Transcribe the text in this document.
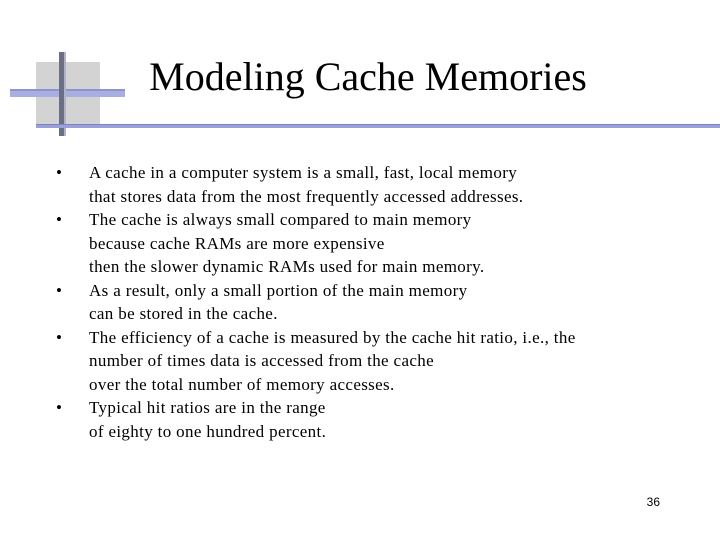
Modeling Cache Memories
•	A cache in a computer system is a small, fast, local memory
that stores data from the most frequently accessed addresses.
•	The cache is always small compared to main memory
because cache RAMs are more expensive
then the slower dynamic RAMs used for main memory.
•	As a result, only a small portion of the main memory
can be stored in the cache.
•	The efficiency of a cache is measured by the cache hit ratio, i.e., the
number of times data is accessed from the cache
over the total number of memory accesses.
•	Typical hit ratios are in the range
of eighty to one hundred percent.
36
